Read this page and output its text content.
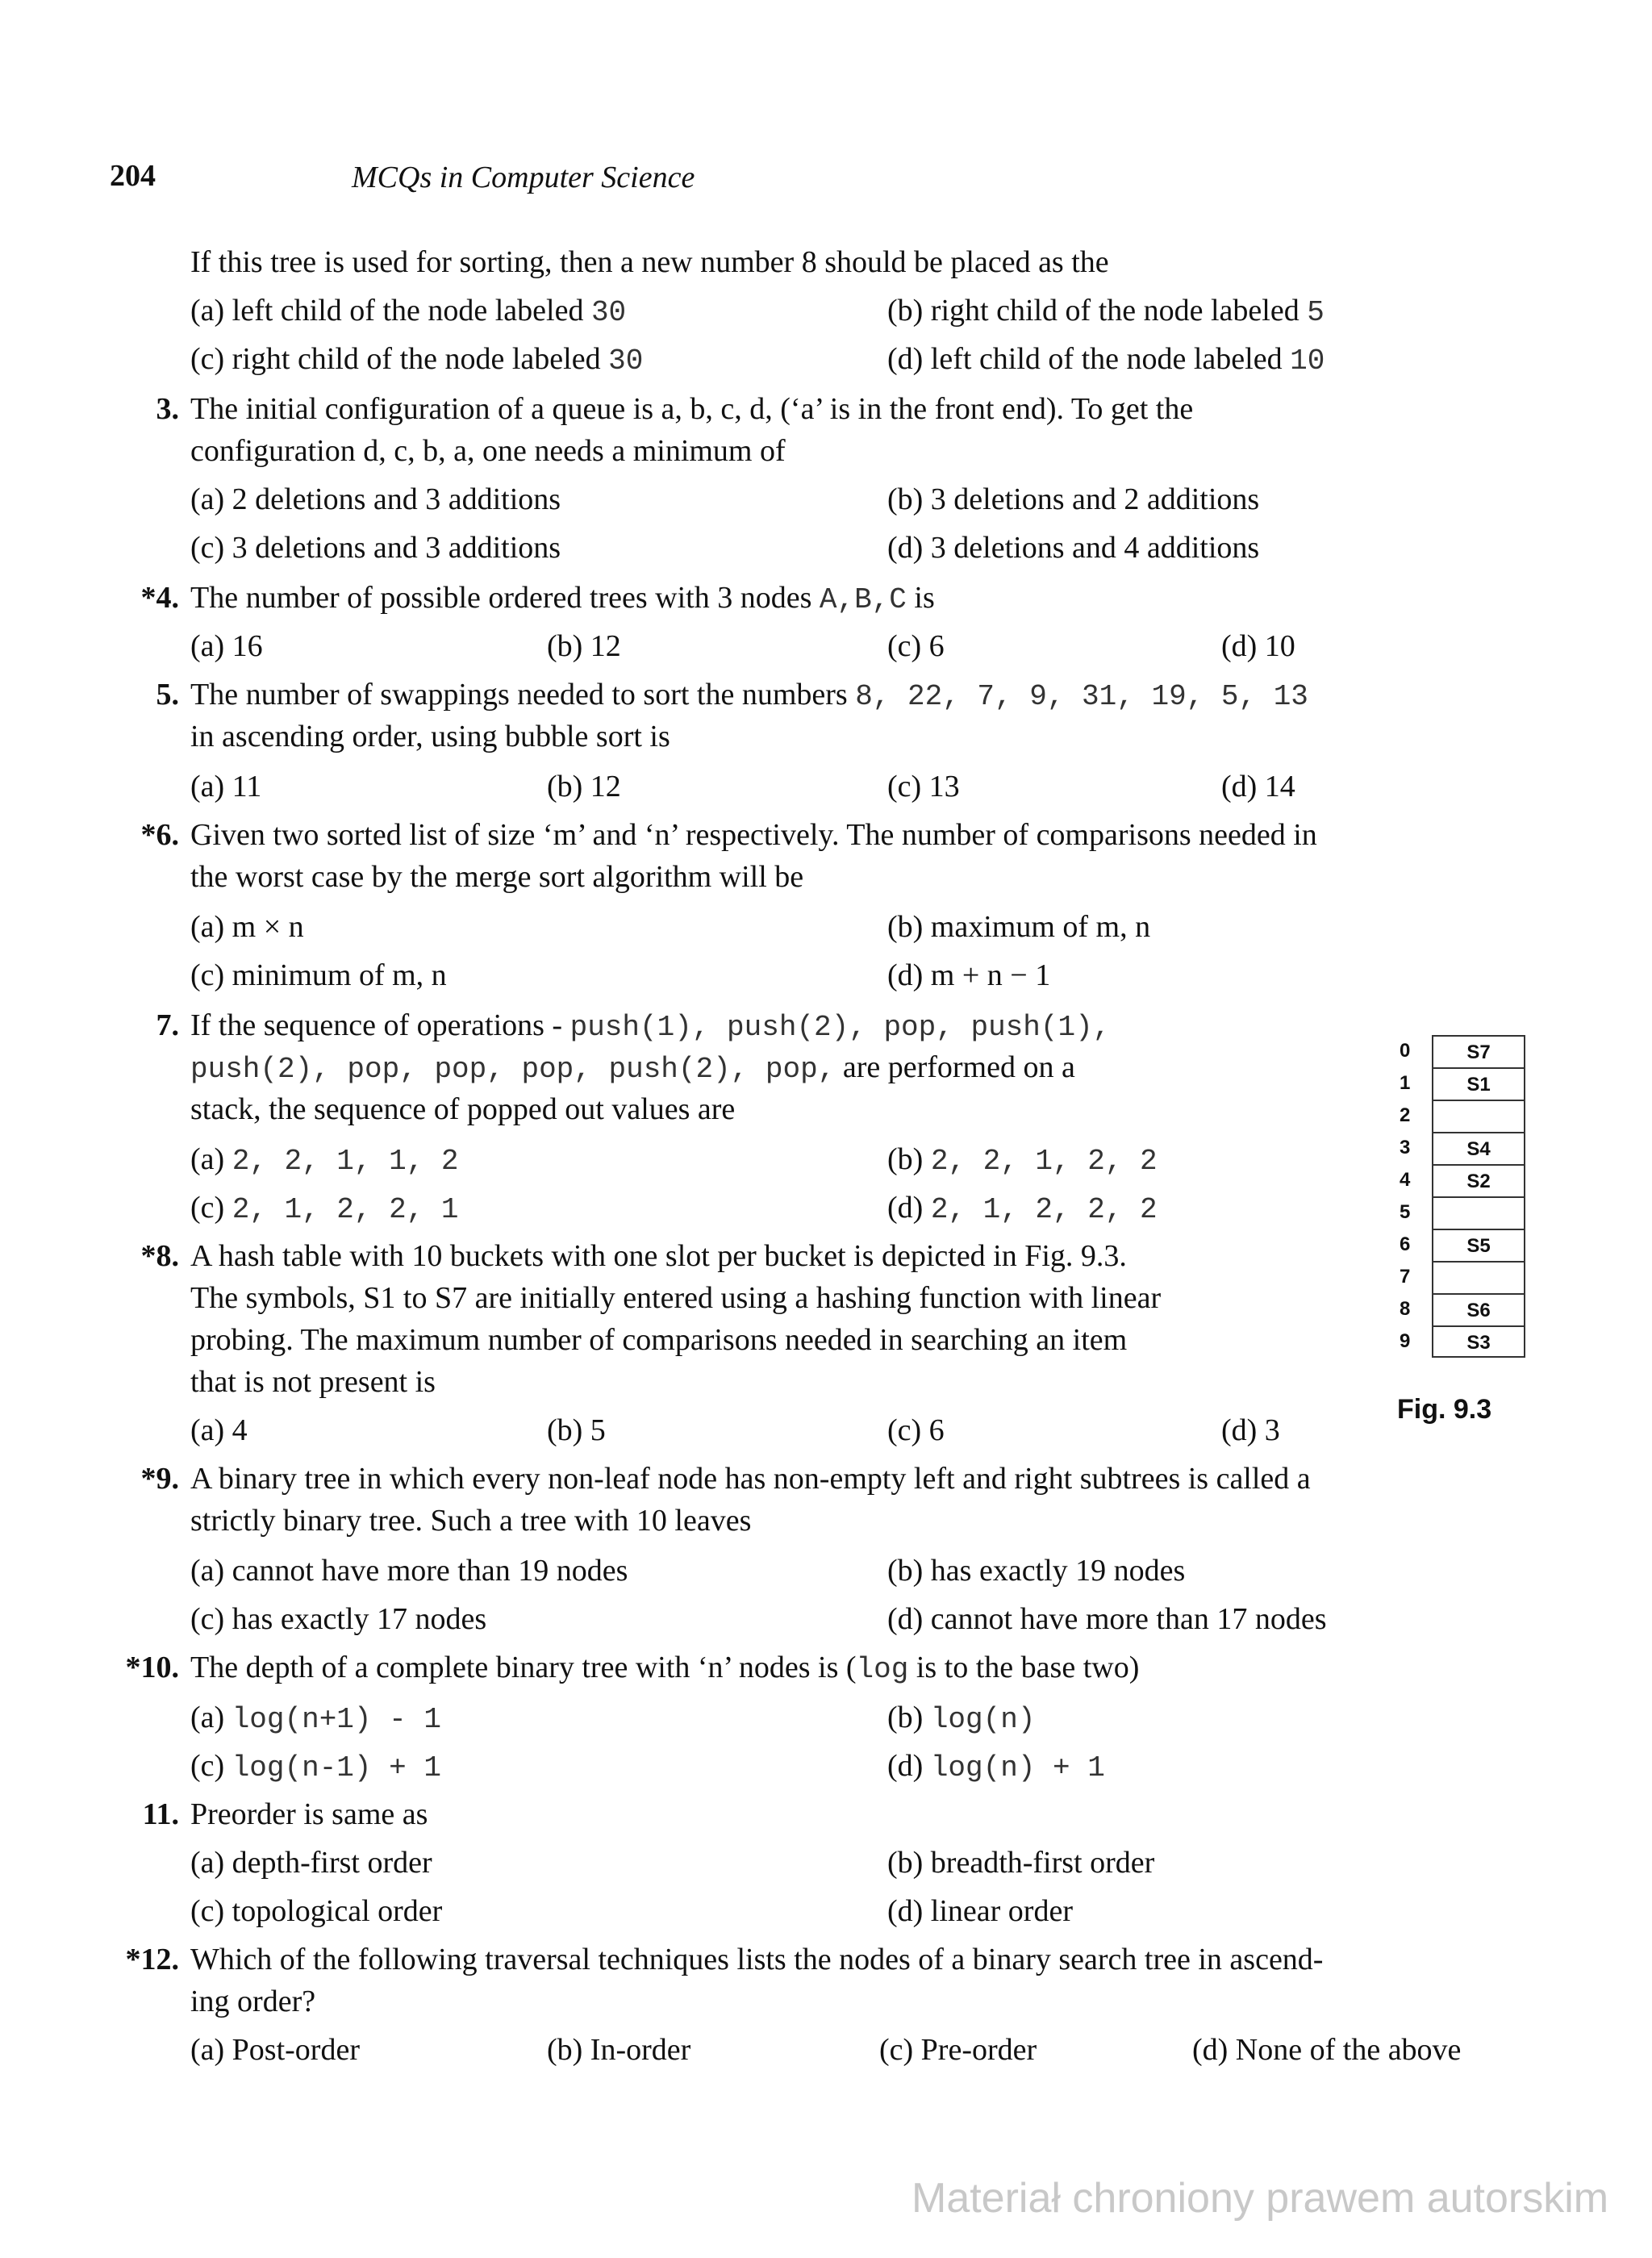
204	MCQs in Computer Science
If this tree is used for sorting, then a new number 8 should be placed as the
(a) left child of the node labeled 30	(b) right child of the node labeled 5
(c) right child of the node labeled 30	(d) left child of the node labeled 10
3. The initial configuration of a queue is a, b, c, d, (‘a’ is in the front end). To get the
configuration d, c, b, a, one needs a minimum of
(a) 2 deletions and 3 additions	(b) 3 deletions and 2 additions
(c) 3 deletions and 3 additions	(d) 3 deletions and 4 additions
*4. The number of possible ordered trees with 3 nodes A,B,C is
(a) 16	(b) 12	(c) 6	(d) 10
5. The number of swappings needed to sort the numbers 8, 22, 7, 9, 31, 19, 5, 13
in ascending order, using bubble sort is
(a) 11	(b) 12	(c) 13	(d) 14
*6. Given two sorted list of size ‘m’ and ‘n’ respectively. The number of comparisons needed in
the worst case by the merge sort algorithm will be
(a) m × n	(b) maximum of m, n
(c) minimum of m, n	(d) m + n − 1
7. If the sequence of operations - push(1), push(2), pop, push(1),
push(2), pop, pop, pop, push(2), pop, are performed on a
stack, the sequence of popped out values are
(a) 2, 2, 1, 1, 2	(b) 2, 2, 1, 2, 2
(c) 2, 1, 2, 2, 1	(d) 2, 1, 2, 2, 2
*8. A hash table with 10 buckets with one slot per bucket is depicted in Fig. 9.3.
The symbols, S1 to S7 are initially entered using a hashing function with linear
probing. The maximum number of comparisons needed in searching an item
that is not present is
(a) 4	(b) 5	(c) 6	(d) 3
0	S7
1	S1
2
3	S4
4	S2
5
6	S5
7
8	S6
9	S3
Fig. 9.3
*9. A binary tree in which every non-leaf node has non-empty left and right subtrees is called a
strictly binary tree. Such a tree with 10 leaves
(a) cannot have more than 19 nodes	(b) has exactly 19 nodes
(c) has exactly 17 nodes	(d) cannot have more than 17 nodes
*10. The depth of a complete binary tree with ‘n’ nodes is (log is to the base two)
(a) log(n+1) - 1	(b) log(n)
(c) log(n-1) + 1	(d) log(n) + 1
11. Preorder is same as
(a) depth-first order	(b) breadth-first order
(c) topological order	(d) linear order
*12. Which of the following traversal techniques lists the nodes of a binary search tree in ascend-
ing order?
(a) Post-order	(b) In-order	(c) Pre-order	(d) None of the above
Materiał chroniony prawem autorskim
